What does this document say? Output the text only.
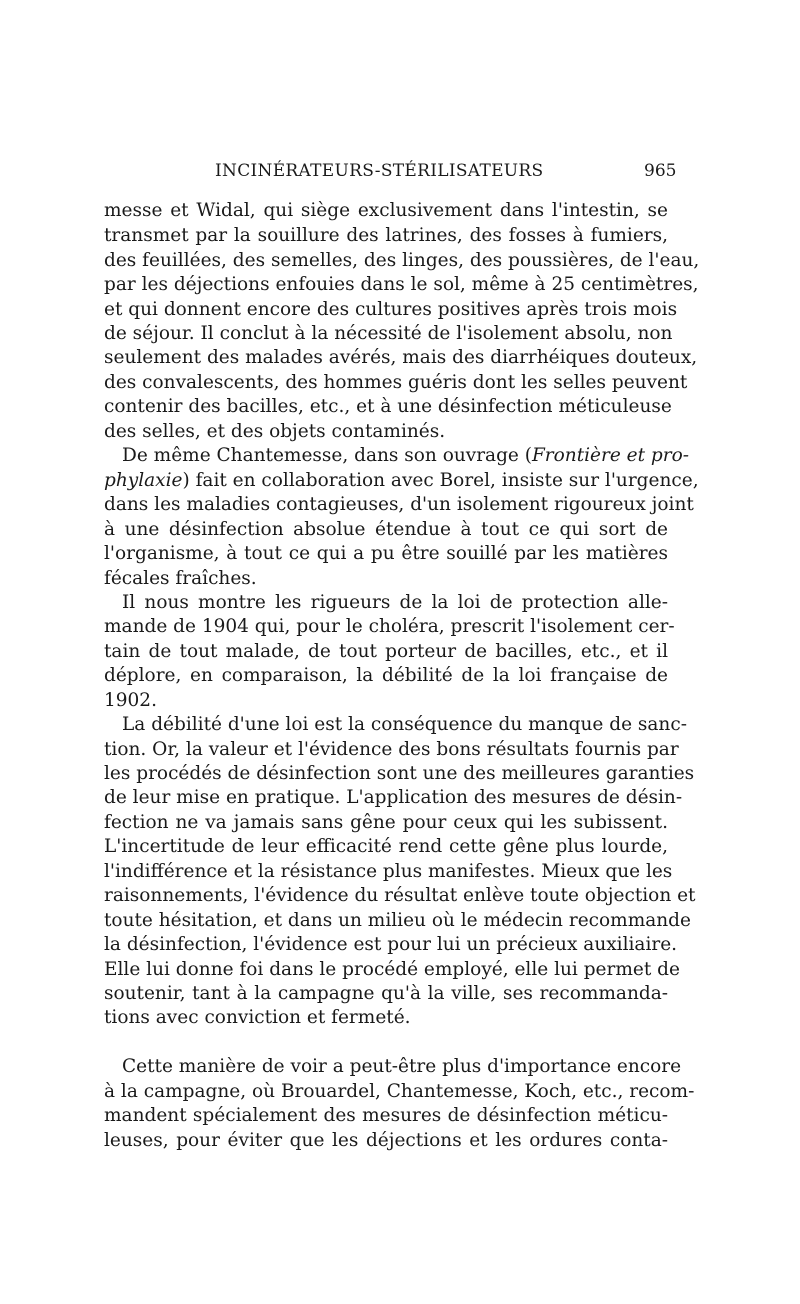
INCINÉRATEURS-STÉRILISATEURS	965
messe et Widal, qui siège exclusivement dans l'intestin, se
transmet par la souillure des latrines, des fosses à fumiers,
des feuillées, des semelles, des linges, des poussières, de l'eau,
par les déjections enfouies dans le sol, même à 25 centimètres,
et qui donnent encore des cultures positives après trois mois
de séjour. Il conclut à la nécessité de l'isolement absolu, non
seulement des malades avérés, mais des diarrhéiques douteux,
des convalescents, des hommes guéris dont les selles peuvent
contenir des bacilles, etc., et à une désinfection méticuleuse
des selles, et des objets contaminés.
De même Chantemesse, dans son ouvrage (Frontière et pro-
phylaxie) fait en collaboration avec Borel, insiste sur l'urgence,
dans les maladies contagieuses, d'un isolement rigoureux joint
à une désinfection absolue étendue à tout ce qui sort de
l'organisme, à tout ce qui a pu être souillé par les matières
fécales fraîches.
Il nous montre les rigueurs de la loi de protection alle-
mande de 1904 qui, pour le choléra, prescrit l'isolement cer-
tain de tout malade, de tout porteur de bacilles, etc., et il
déplore, en comparaison, la débilité de la loi française de
1902.
La débilité d'une loi est la conséquence du manque de sanc-
tion. Or, la valeur et l'évidence des bons résultats fournis par
les procédés de désinfection sont une des meilleures garanties
de leur mise en pratique. L'application des mesures de désin-
fection ne va jamais sans gêne pour ceux qui les subissent.
L'incertitude de leur efficacité rend cette gêne plus lourde,
l'indifférence et la résistance plus manifestes. Mieux que les
raisonnements, l'évidence du résultat enlève toute objection et
toute hésitation, et dans un milieu où le médecin recommande
la désinfection, l'évidence est pour lui un précieux auxiliaire.
Elle lui donne foi dans le procédé employé, elle lui permet de
soutenir, tant à la campagne qu'à la ville, ses recommanda-
tions avec conviction et fermeté.
Cette manière de voir a peut-être plus d'importance encore
à la campagne, où Brouardel, Chantemesse, Koch, etc., recom-
mandent spécialement des mesures de désinfection méticu-
leuses, pour éviter que les déjections et les ordures conta-
